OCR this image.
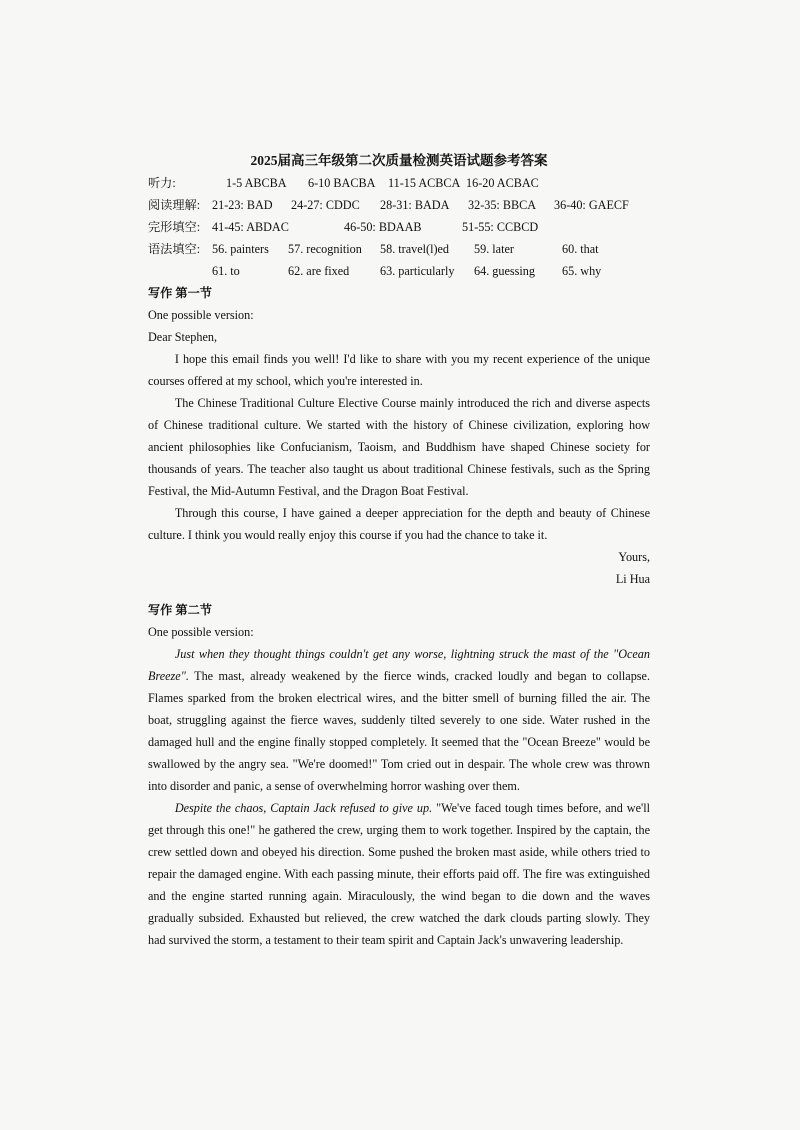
2025届高三年级第二次质量检测英语试题参考答案
听力:	1-5 ABCBA 6-10 BACBA 11-15 ACBCA 16-20 ACBAC
阅读理解: 21-23: BAD 24-27: CDDC 28-31: BADA 32-35: BBCA 36-40: GAECF
完形填空: 41-45: ABDAC	46-50: BDAAB	51-55: CCBCD
语法填空: 56. painters 57. recognition 58. travel(l)ed 59. later	60. that
61. to	62. are fixed	63. particularly 64. guessing 65. why
写作 第一节

One possible version:

Dear Stephen,

I hope this email finds you well! I'd like to share with you my recent experience of the unique courses offered at my school, which you're interested in.

The Chinese Traditional Culture Elective Course mainly introduced the rich and diverse aspects of Chinese traditional culture. We started with the history of Chinese civilization, exploring how ancient philosophies like Confucianism, Taoism, and Buddhism have shaped Chinese society for thousands of years. The teacher also taught us about traditional Chinese festivals, such as the Spring Festival, the Mid-Autumn Festival, and the Dragon Boat Festival.

Through this course, I have gained a deeper appreciation for the depth and beauty of Chinese culture. I think you would really enjoy this course if you had the chance to take it.

Yours,

Li Hua

写作 第二节

One possible version:

Just when they thought things couldn't get any worse, lightning struck the mast of the "Ocean Breeze". The mast, already weakened by the fierce winds, cracked loudly and began to collapse. Flames sparked from the broken electrical wires, and the bitter smell of burning filled the air. The boat, struggling against the fierce waves, suddenly tilted severely to one side. Water rushed in the damaged hull and the engine finally stopped completely. It seemed that the "Ocean Breeze" would be swallowed by the angry sea. "We're doomed!" Tom cried out in despair. The whole crew was thrown into disorder and panic, a sense of overwhelming horror washing over them.

Despite the chaos, Captain Jack refused to give up. "We've faced tough times before, and we'll get through this one!" he gathered the crew, urging them to work together. Inspired by the captain, the crew settled down and obeyed his direction. Some pushed the broken mast aside, while others tried to repair the damaged engine. With each passing minute, their efforts paid off. The fire was extinguished and the engine started running again. Miraculously, the wind began to die down and the waves gradually subsided. Exhausted but relieved, the crew watched the dark clouds parting slowly. They had survived the storm, a testament to their team spirit and Captain Jack's unwavering leadership.
